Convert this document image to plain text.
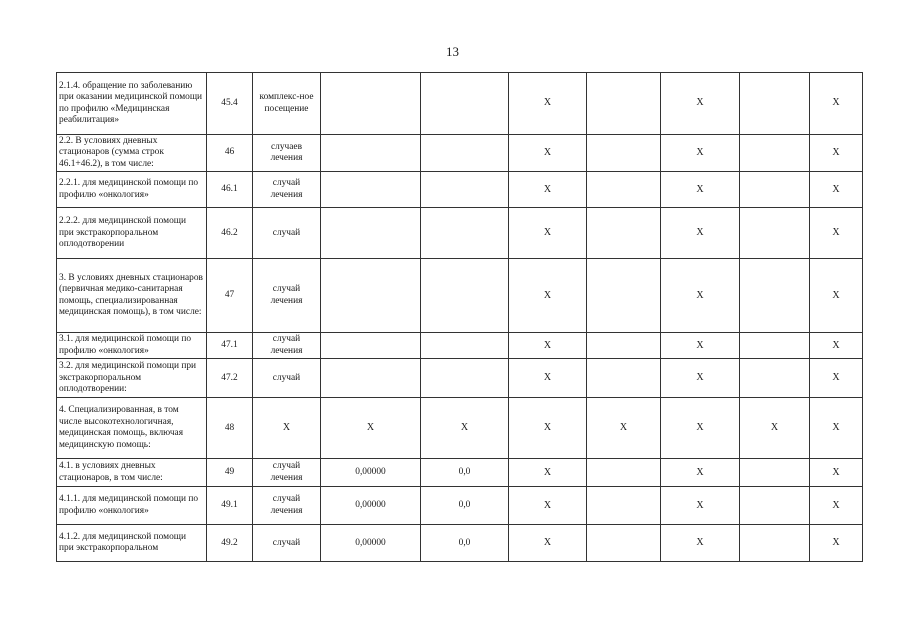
13
2.1.4. обращение по заболеванию при оказании медицинской помощи по профилю «Медицинская реабилитация»	45.4	комплекс-ное посещение			X		X		X
2.2. В условиях дневных стационаров (сумма строк 46.1+46.2), в том числе:	46	случаев лечения			X		X		X
2.2.1. для медицинской помощи по профилю «онкология»	46.1	случай лечения			X		X		X
2.2.2. для медицинской помощи при экстракорпоральном оплодотворении	46.2	случай			X		X		X
3. В условиях дневных стационаров (первичная медико-санитарная помощь, специализированная медицинская помощь), в том числе:	47	случай лечения			X		X		X
3.1. для медицинской помощи по профилю «онкология»	47.1	случай лечения			X		X		X
3.2. для медицинской помощи при экстракорпоральном оплодотворении:	47.2	случай			X		X		X
4. Специализированная, в том числе высокотехнологичная, медицинская помощь, включая медицинскую помощь:	48	X	X	X	X	X	X	X	X
4.1. в условиях дневных стационаров, в том числе:	49	случай лечения	0,00000	0,0	X		X		X
4.1.1. для медицинской помощи по профилю «онкология»	49.1	случай лечения	0,00000	0,0	X		X		X
4.1.2. для медицинской помощи при экстракорпоральном	49.2	случай	0,00000	0,0	X		X		X
